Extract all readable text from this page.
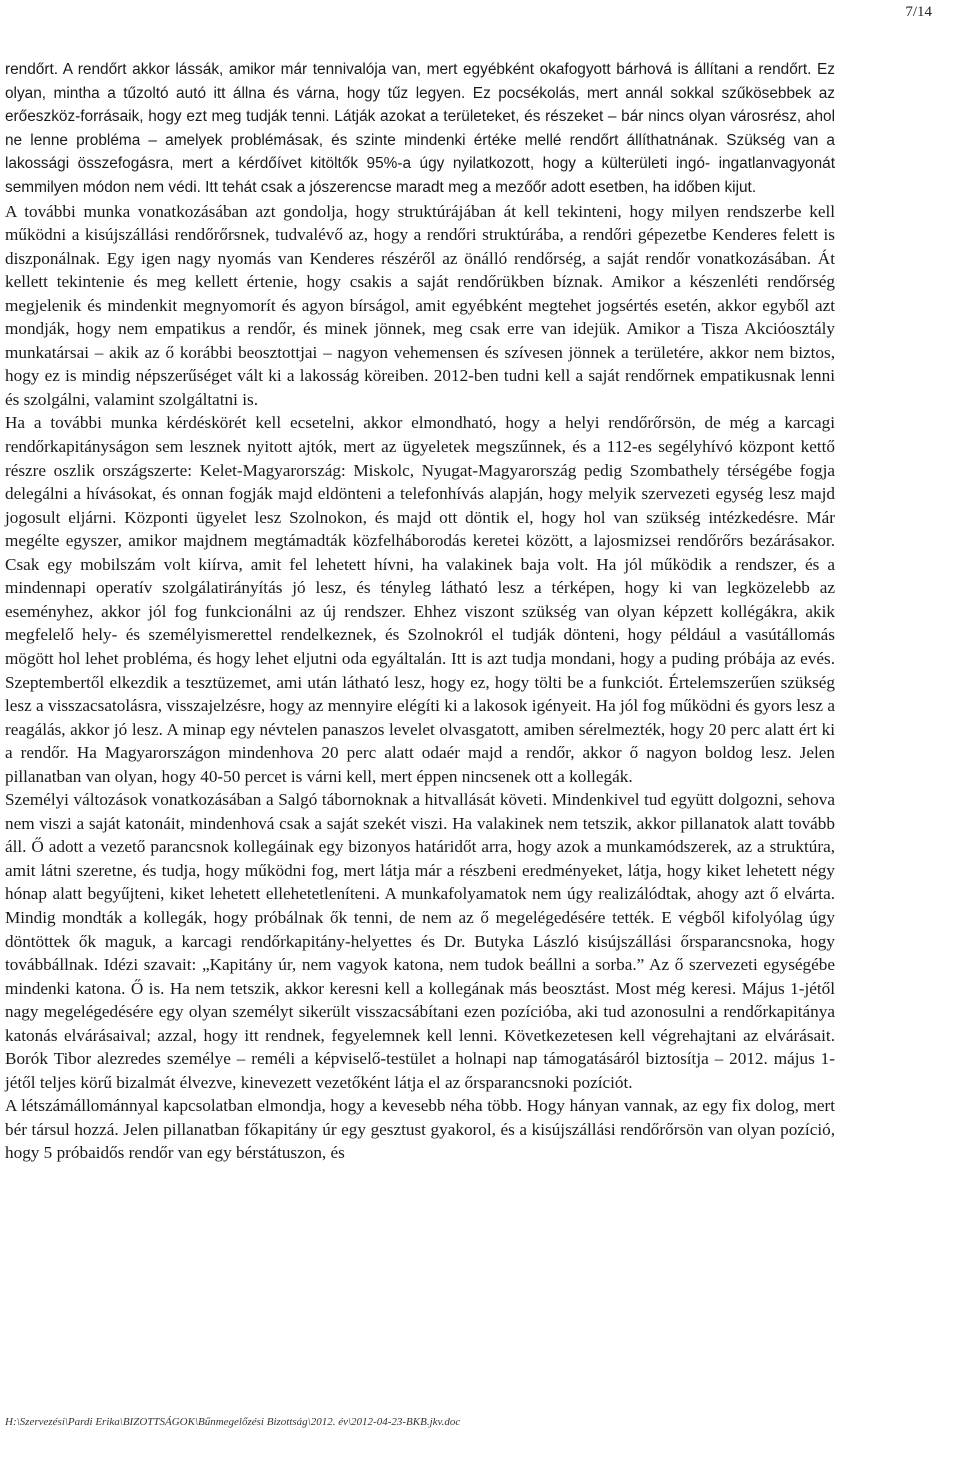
7/14

rendőrt. A rendőrt akkor lássák, amikor már tennivalója van, mert egyébként okafogyott bárhová is állítani a rendőrt. Ez olyan, mintha a tűzoltó autó itt állna és várna, hogy tűz legyen. Ez pocsékolás, mert annál sokkal szűkösebbek az erőeszköz-forrásaik, hogy ezt meg tudják tenni. Látják azokat a területeket, és részeket – bár nincs olyan városrész, ahol ne lenne probléma – amelyek problémásak, és szinte mindenki értéke mellé rendőrt állíthatnának. Szükség van a lakossági összefogásra, mert a kérdőívet kitöltők 95%-a úgy nyilatkozott, hogy a külterületi ingó- ingatlanvagyonát semmilyen módon nem védi. Itt tehát csak a jószerencse maradt meg a mezőőr adott esetben, ha időben kijut.

A további munka vonatkozásában azt gondolja, hogy struktúrájában át kell tekinteni, hogy milyen rendszerbe kell működni a kisújszállási rendőrőrsnek, tudvalévő az, hogy a rendőri struktúrába, a rendőri gépezetbe Kenderes felett is diszponálnak. Egy igen nagy nyomás van Kenderes részéről az önálló rendőrség, a saját rendőr vonatkozásában. Át kellett tekintenie és meg kellett értenie, hogy csakis a saját rendőrükben bíznak. Amikor a készenléti rendőrség megjelenik és mindenkit megnyomorít és agyon bírságol, amit egyébként megtehet jogsértés esetén, akkor egyből azt mondják, hogy nem empatikus a rendőr, és minek jönnek, meg csak erre van idejük. Amikor a Tisza Akcióosztály munkatársai – akik az ő korábbi beosztottjai – nagyon vehemensen és szívesen jönnek a területére, akkor nem biztos, hogy ez is mindig népszerűséget vált ki a lakosság köreiben. 2012-ben tudni kell a saját rendőrnek empatikusnak lenni és szolgálni, valamint szolgáltatni is.

Ha a további munka kérdéskörét kell ecsetelni, akkor elmondható, hogy a helyi rendőrőrsön, de még a karcagi rendőrkapitányságon sem lesznek nyitott ajtók, mert az ügyeletek megszűnnek, és a 112-es segélyhívó központ kettő részre oszlik országszerte: Kelet-Magyarország: Miskolc, Nyugat-Magyarország pedig Szombathely térségébe fogja delegálni a hívásokat, és onnan fogják majd eldönteni a telefonhívás alapján, hogy melyik szervezeti egység lesz majd jogosult eljárni. Központi ügyelet lesz Szolnokon, és majd ott döntik el, hogy hol van szükség intézkedésre. Már megélte egyszer, amikor majdnem megtámadták közfelháborodás keretei között, a lajosmizsei rendőrőrs bezárásakor. Csak egy mobilszám volt kiírva, amit fel lehetett hívni, ha valakinek baja volt. Ha jól működik a rendszer, és a mindennapi operatív szolgálatirányítás jó lesz, és tényleg látható lesz a térképen, hogy ki van legközelebb az eseményhez, akkor jól fog funkcionálni az új rendszer. Ehhez viszont szükség van olyan képzett kollégákra, akik megfelelő hely- és személyismerettel rendelkeznek, és Szolnokról el tudják dönteni, hogy például a vasútállomás mögött hol lehet probléma, és hogy lehet eljutni oda egyáltalán. Itt is azt tudja mondani, hogy a puding próbája az evés. Szeptembertől elkezdik a tesztüzemet, ami után látható lesz, hogy ez, hogy tölti be a funkciót. Értelemszerűen szükség lesz a visszacsatolásra, visszajelzésre, hogy az mennyire elégíti ki a lakosok igényeit. Ha jól fog működni és gyors lesz a reagálás, akkor jó lesz. A minap egy névtelen panaszos levelet olvasgatott, amiben sérelmezték, hogy 20 perc alatt ért ki a rendőr. Ha Magyarországon mindenhova 20 perc alatt odaér majd a rendőr, akkor ő nagyon boldog lesz. Jelen pillanatban van olyan, hogy 40-50 percet is várni kell, mert éppen nincsenek ott a kollegák.

Személyi változások vonatkozásában a Salgó tábornoknak a hitvallását követi. Mindenkivel tud együtt dolgozni, sehova nem viszi a saját katonáit, mindenhová csak a saját szekét viszi. Ha valakinek nem tetszik, akkor pillanatok alatt tovább áll. Ő adott a vezető parancsnok kollegáinak egy bizonyos határidőt arra, hogy azok a munkamódszerek, az a struktúra, amit látni szeretne, és tudja, hogy működni fog, mert látja már a részbeni eredményeket, látja, hogy kiket lehetett négy hónap alatt begyűjteni, kiket lehetett ellehetetleníteni. A munkafolyamatok nem úgy realizálódtak, ahogy azt ő elvárta. Mindig mondták a kollegák, hogy próbálnak ők tenni, de nem az ő megelégedésére tették. E végből kifolyólag úgy döntöttek ők maguk, a karcagi rendőrkapitány-helyettes és Dr. Butyka László kisújszállási őrsparancsnoka, hogy továbbállnak. Idézi szavait: „Kapitány úr, nem vagyok katona, nem tudok beállni a sorba.” Az ő szervezeti egységébe mindenki katona. Ő is. Ha nem tetszik, akkor keresni kell a kollegának más beosztást. Most még keresi. Május 1-jétől nagy megelégedésére egy olyan személyt sikerült visszacsábítani ezen pozícióba, aki tud azonosulni a rendőrkapitánya katonás elvárásaival; azzal, hogy itt rendnek, fegyelemnek kell lenni. Következetesen kell végrehajtani az elvárásait. Borók Tibor alezredes személye – reméli a képviselő-testület a holnapi nap támogatásáról biztosítja – 2012. május 1-jétől teljes körű bizalmát élvezve, kinevezett vezetőként látja el az őrsparancsnoki pozíciót.

A létszámállománnyal kapcsolatban elmondja, hogy a kevesebb néha több. Hogy hányan vannak, az egy fix dolog, mert bér társul hozzá. Jelen pillanatban főkapitány úr egy gesztust gyakorol, és a kisújszállási rendőrőrsön van olyan pozíció, hogy 5 próbaidős rendőr van egy bérstátuszon, és

H:\Szervezési\Pardi Erika\BIZOTTSÁGOK\Bűnmegelőzési Bizottság\2012. év\2012-04-23-BKB.jkv.doc
